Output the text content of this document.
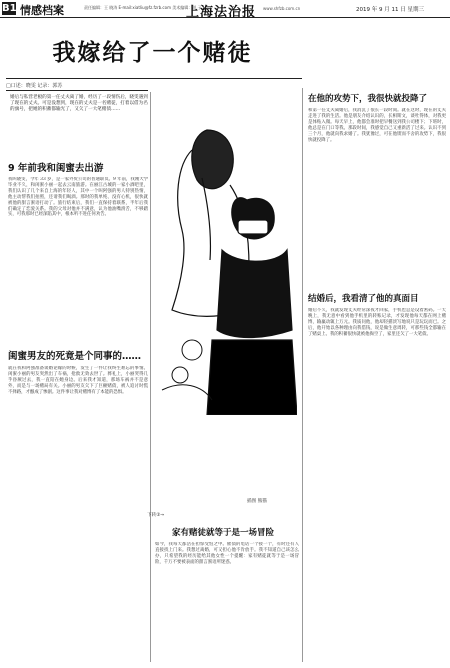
B1 情感档案	责任编辑：王 晓涛 E-mail:xiatliu@fz.fzrb.com 美术编辑：胡 子
上海法治报 www.shfzb.com.cn	2019 年 9 月 11 日 星期三
我嫁给了一个赌徒
□口述：晓雯 记录：郭苏
婚后与私营老板的第一任丈夫离了婚，经历了一段情伤后，晓雯遇到了现在的丈夫。可是没想到，现在的丈夫是一名赌徒，打着以借为名的旗号，把她的积蓄都输光了，又欠了一大笔赌债……
9 年前我和闺蜜去出游
我叫晓雯，今年 33 岁，是一家外贸公司的普通职员。9 年前，我刚大学毕业不久，和闺蜜小丽一起去云南旅游。在丽江古城的一家小酒吧里，我们认识了几个来自上海的年轻人，其中一个叫阿强的男人特别热情，他主动帮我们拍照，还请我们喝酒。那时的我单纯、没有心机，很快就被他的甜言蜜语打动了。旅行结束后，我们一直保持着联系，半年后我们确定了恋爱关系。我的父母对他并不满意，认为他油嘴滑舌，不够踏实，可我那时已经深陷其中，根本听不进任何劝告。
闺蜜男友的死竟是个同事的……
就在我和阿强准备谈婚论嫁的时候，发生了一件让我终生难忘的事情。闺蜜小丽的男友突然出了车祸，抢救无效去世了。葬礼上，小丽哭得几乎昏厥过去，我一直陪在她身边。后来我才知道，那场车祸并不是意外，而是与一场赌局有关。小丽的男友欠下了巨额赌债，被人追讨时慌不择路，才酿成了惨剧。这件事让我对赌博有了本能的恐惧。
插图 熊猫
在他的攻势下，我很快就投降了
和第一任丈夫离婚后，我消沉了很长一段时间。就在这时，现在的丈夫走进了我的生活。他是朋友介绍认识的，长相斯文，谈吐得体，对我更是体贴入微。每天早上，他都会准时把早餐送到我公司楼下；下班时，他总是在门口等我。那段时间，我感觉自己又重新活了过来。认识不到三个月，他就向我求婚了。我犹豫过，可在他锲而不舍的攻势下，我很快就投降了。
结婚后，我看清了他的真面目
婚后不久，我就发现丈夫经常深夜才回家，手机也总是设着密码。一天晚上，我无意中看到他手机里的转账记录，才发现他每天都在网上赌博，输赢动辄上万元。我质问他，他却轻描淡写地说只是玩玩而已。之后，他开始以各种理由向我借钱，说是做生意周转，可那些钱全都输在了赌桌上。我的积蓄很快就被他掏空了，家里还欠了一大笔债。
下转②→
家有赌徒就等于是一场冒险
如今，我每天都活在担惊受怕之中。催债的电话一个接一个，有时还有人直接找上门来。我想过离婚，可又担心他不肯放手。我不知道自己该怎么办，只希望我的经历能给其他女性一个提醒：家有赌徒就等于是一场冒险，千万不要被表面的甜言蜜语所迷惑。
